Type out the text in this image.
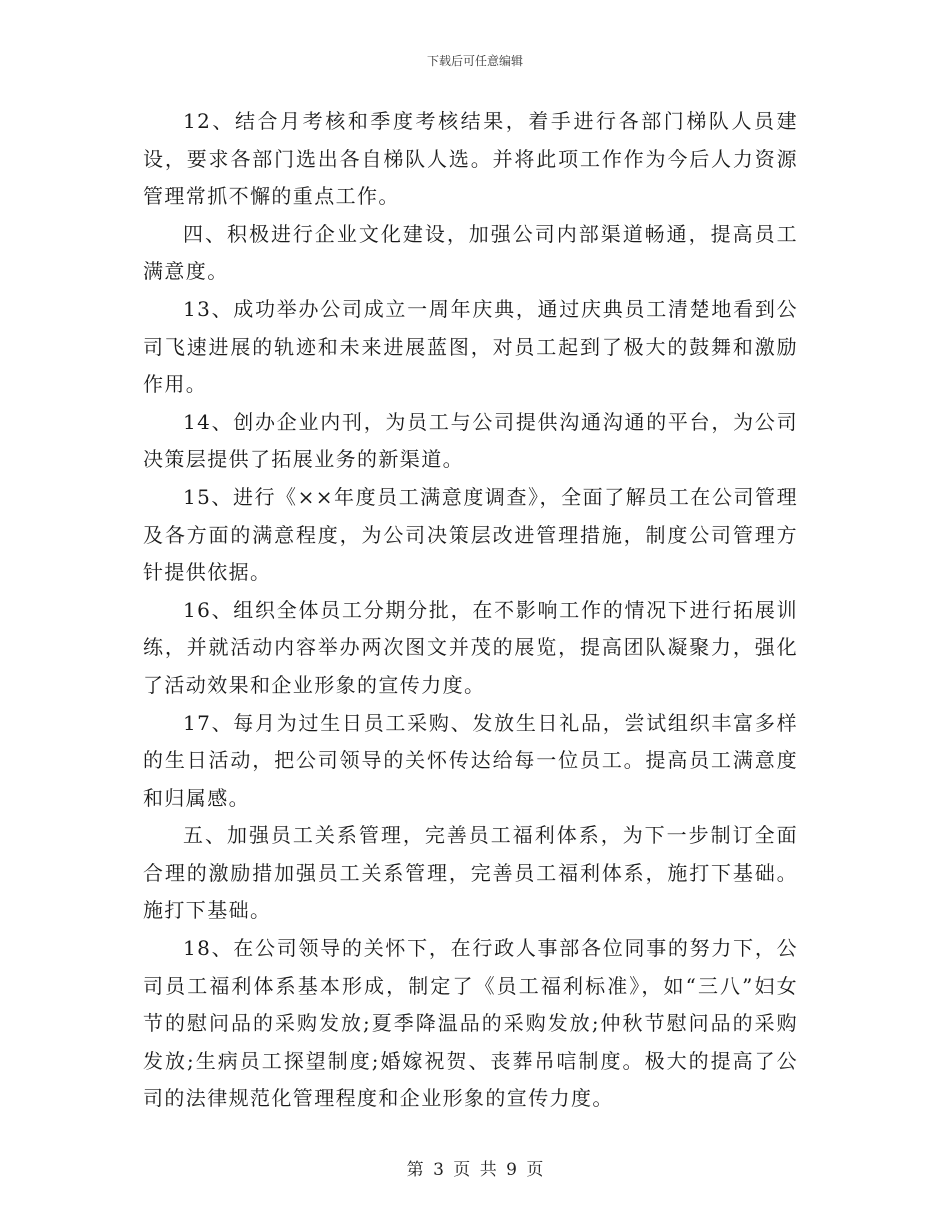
下载后可任意编辑

12、结合月考核和季度考核结果，着手进行各部门梯队人员建设，要求各部门选出各自梯队人选。并将此项工作作为今后人力资源管理常抓不懈的重点工作。

四、积极进行企业文化建设，加强公司内部渠道畅通，提高员工满意度。

13、成功举办公司成立一周年庆典，通过庆典员工清楚地看到公司飞速进展的轨迹和未来进展蓝图，对员工起到了极大的鼓舞和激励作用。

14、创办企业内刊，为员工与公司提供沟通沟通的平台，为公司决策层提供了拓展业务的新渠道。

15、进行《××年度员工满意度调查》，全面了解员工在公司管理及各方面的满意程度，为公司决策层改进管理措施，制度公司管理方针提供依据。

16、组织全体员工分期分批，在不影响工作的情况下进行拓展训练，并就活动内容举办两次图文并茂的展览，提高团队凝聚力，强化了活动效果和企业形象的宣传力度。

17、每月为过生日员工采购、发放生日礼品，尝试组织丰富多样的生日活动，把公司领导的关怀传达给每一位员工。提高员工满意度和归属感。

五、加强员工关系管理，完善员工福利体系，为下一步制订全面合理的激励措加强员工关系管理，完善员工福利体系，施打下基础。施打下基础。

18、在公司领导的关怀下，在行政人事部各位同事的努力下，公司员工福利体系基本形成，制定了《员工福利标准》，如“三八”妇女节的慰问品的采购发放;夏季降温品的采购发放;仲秋节慰问品的采购发放;生病员工探望制度;婚嫁祝贺、丧葬吊唁制度。极大的提高了公司的法律规范化管理程度和企业形象的宣传力度。

第 3 页 共 9 页
